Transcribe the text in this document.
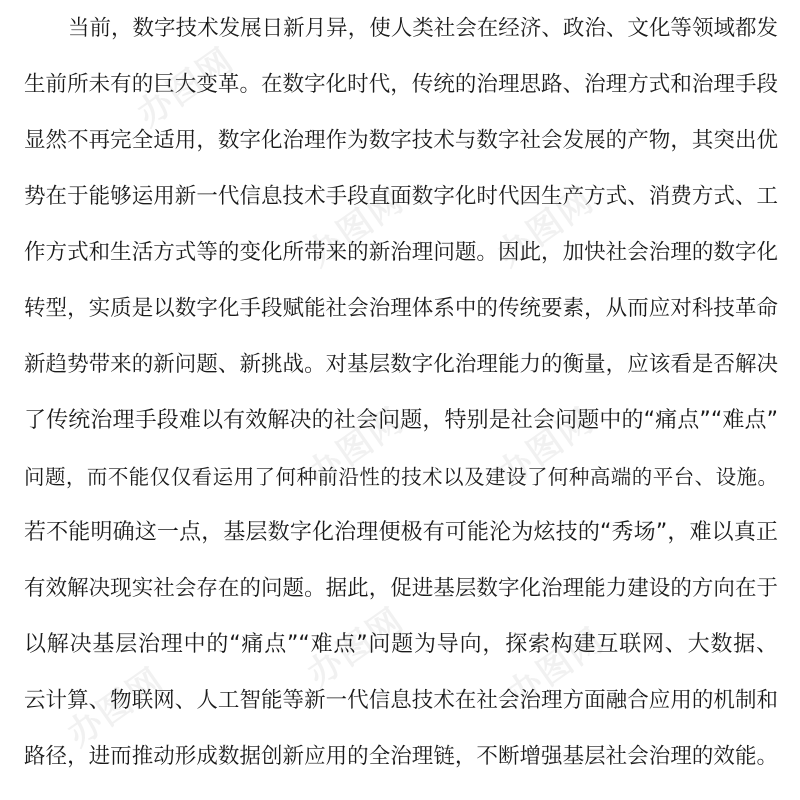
办图网
办图网 办图网
办图网 办图网
办图网
办图网	办图网
当前，数字技术发展日新月异，使人类社会在经济、政治、文化等领域都发
生前所未有的巨大变革。在数字化时代，传统的治理思路、治理方式和治理手段
显然不再完全适用，数字化治理作为数字技术与数字社会发展的产物，其突出优
势在于能够运用新一代信息技术手段直面数字化时代因生产方式、消费方式、工
作方式和生活方式等的变化所带来的新治理问题。因此，加快社会治理的数字化
转型，实质是以数字化手段赋能社会治理体系中的传统要素，从而应对科技革命
新趋势带来的新问题、新挑战。对基层数字化治理能力的衡量，应该看是否解决
了传统治理手段难以有效解决的社会问题，特别是社会问题中的“痛点”“难点”
问题，而不能仅仅看运用了何种前沿性的技术以及建设了何种高端的平台、设施。
若不能明确这一点，基层数字化治理便极有可能沦为炫技的“秀场”，难以真正
有效解决现实社会存在的问题。据此，促进基层数字化治理能力建设的方向在于
以解决基层治理中的“痛点”“难点”问题为导向，探索构建互联网、大数据、
云计算、物联网、人工智能等新一代信息技术在社会治理方面融合应用的机制和
路径，进而推动形成数据创新应用的全治理链，不断增强基层社会治理的效能。
